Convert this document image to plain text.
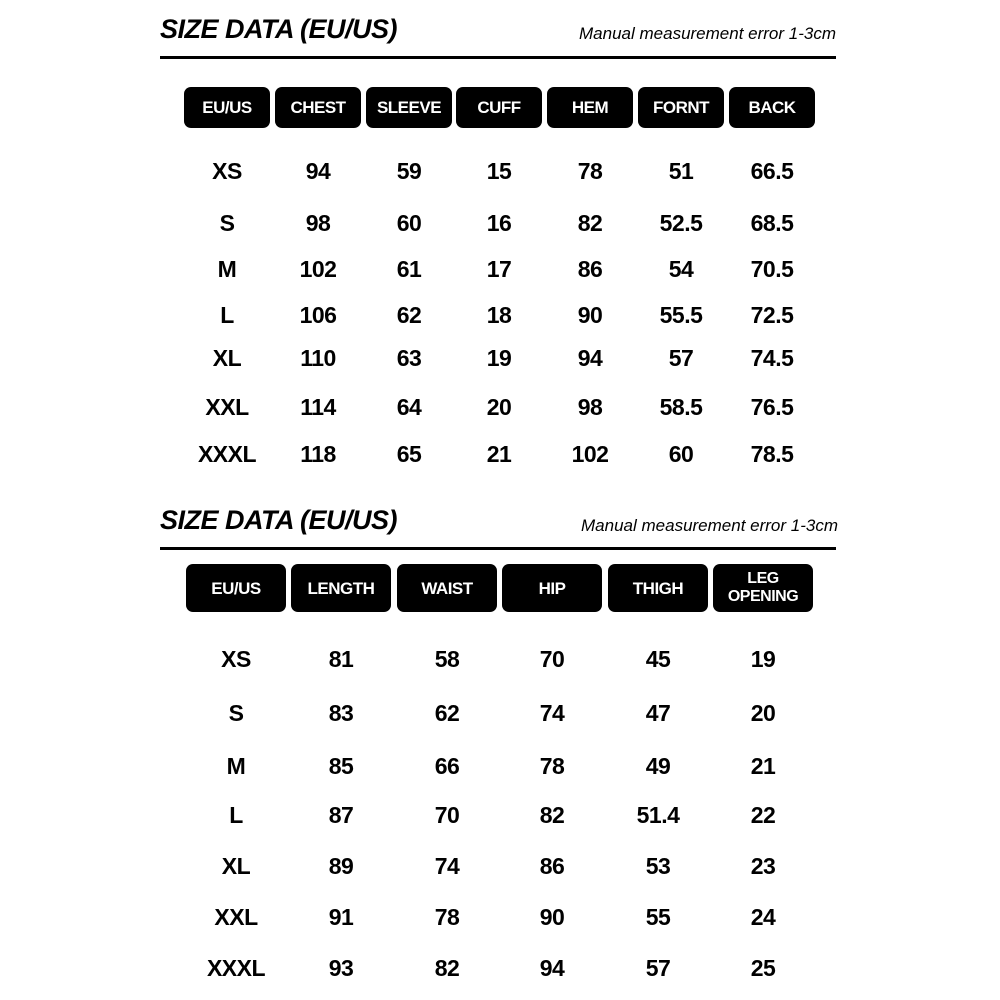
SIZE DATA (EU/US)	Manual measurement error 1-3cm
EU/US	CHEST	SLEEVE	CUFF	HEM	FORNT	BACK
XS	94	59	15	78	51 66.5
S	98	60	16	82 52.5 68.5
M	102	61	17	86	54 70.5
L	106	62	18	90 55.5 72.5
XL	110	63	19	94	57 74.5
XXL 114	64	20	98 58.5 76.5
XXXL 118	65	21	102	60 78.5
SIZE DATA (EU/US)	Manual measurement error 1-3cm
EU/US	LENGTH	WAIST	HIP	THIGH	LEG OPENING
XS	81	58	70	45	19
S	83	62	74	47	20
M	85	66	78	49	21
L	87	70	82	51.4	22
XL	89	74	86	53	23
XXL	91	78	90	55	24
XXXL	93	82	94	57	25
